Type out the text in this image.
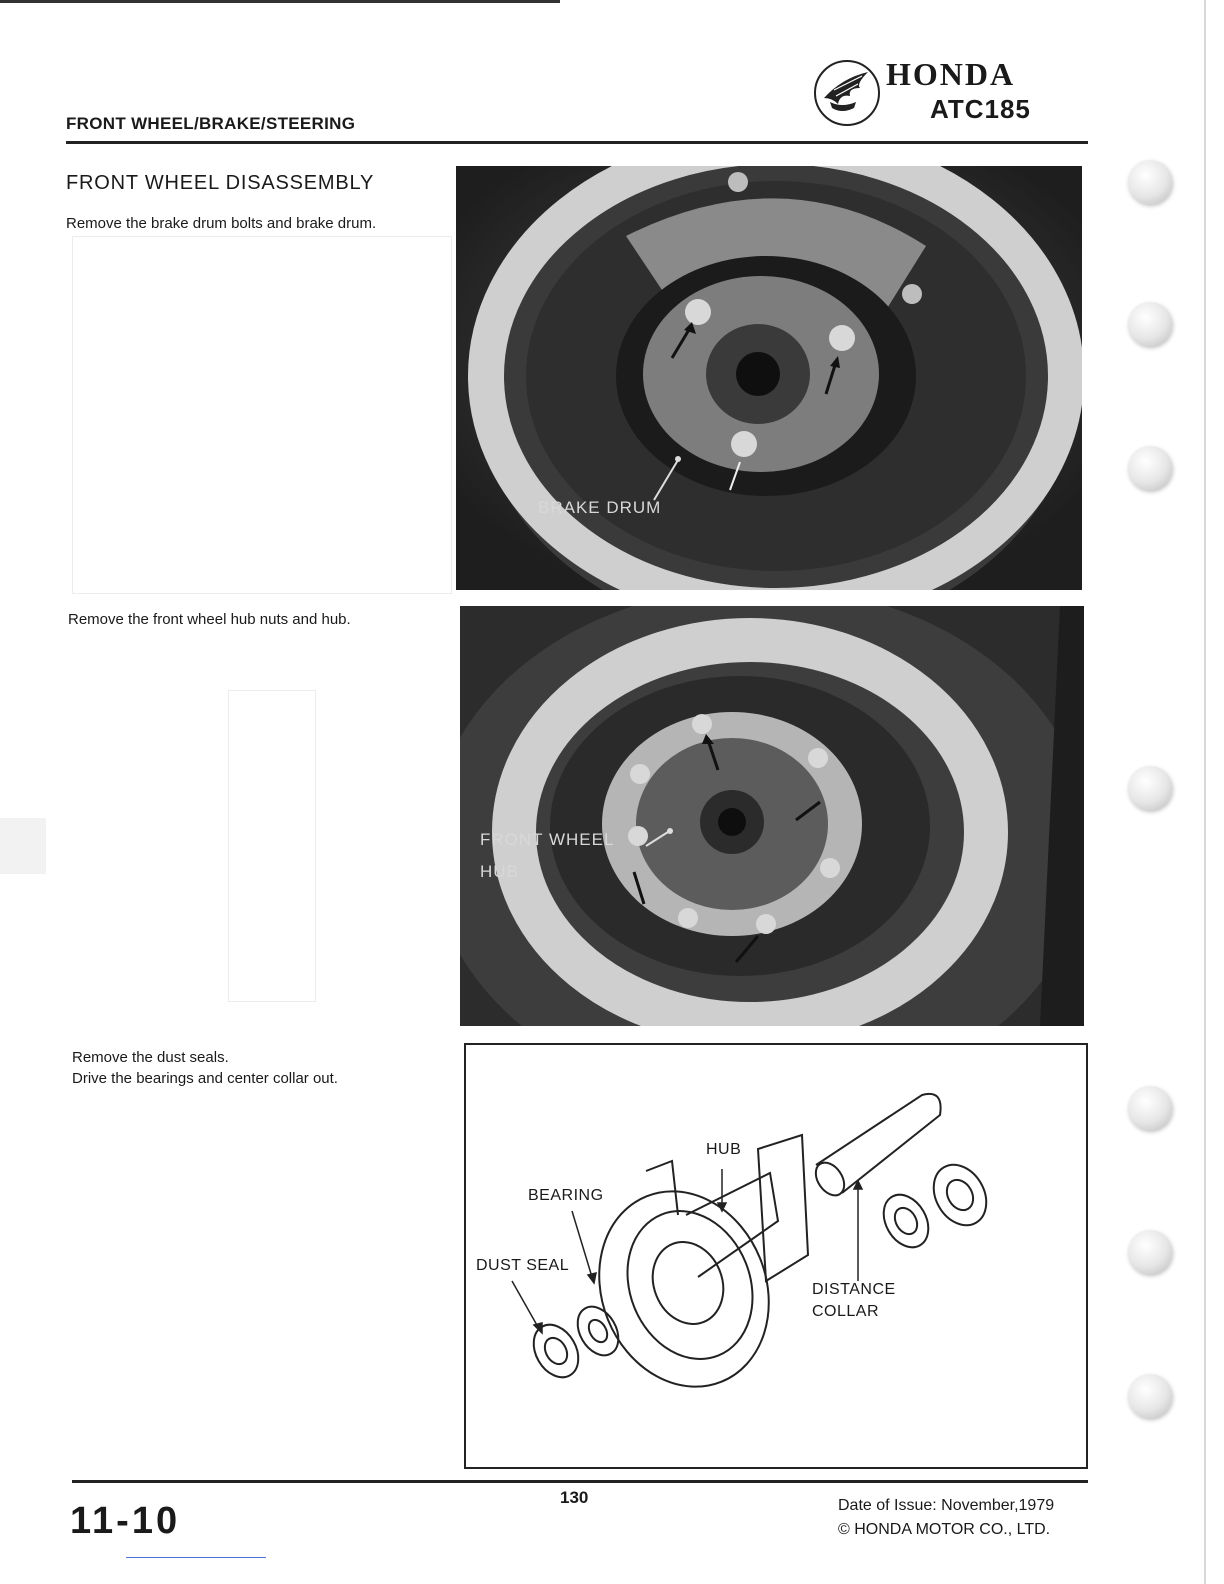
FRONT WHEEL/BRAKE/STEERING
HONDA
ATC185
FRONT WHEEL DISASSEMBLY
Remove the brake drum bolts and brake drum.
Remove the front wheel hub nuts and hub.
Remove the dust seals.
Drive the bearings and center collar out.
BRAKE DRUM
FRONT WHEEL
HUB
HUB
BEARING
DUST SEAL
DISTANCE
COLLAR
11-10
130	Date of Issue: November,1979
© HONDA MOTOR CO., LTD.
